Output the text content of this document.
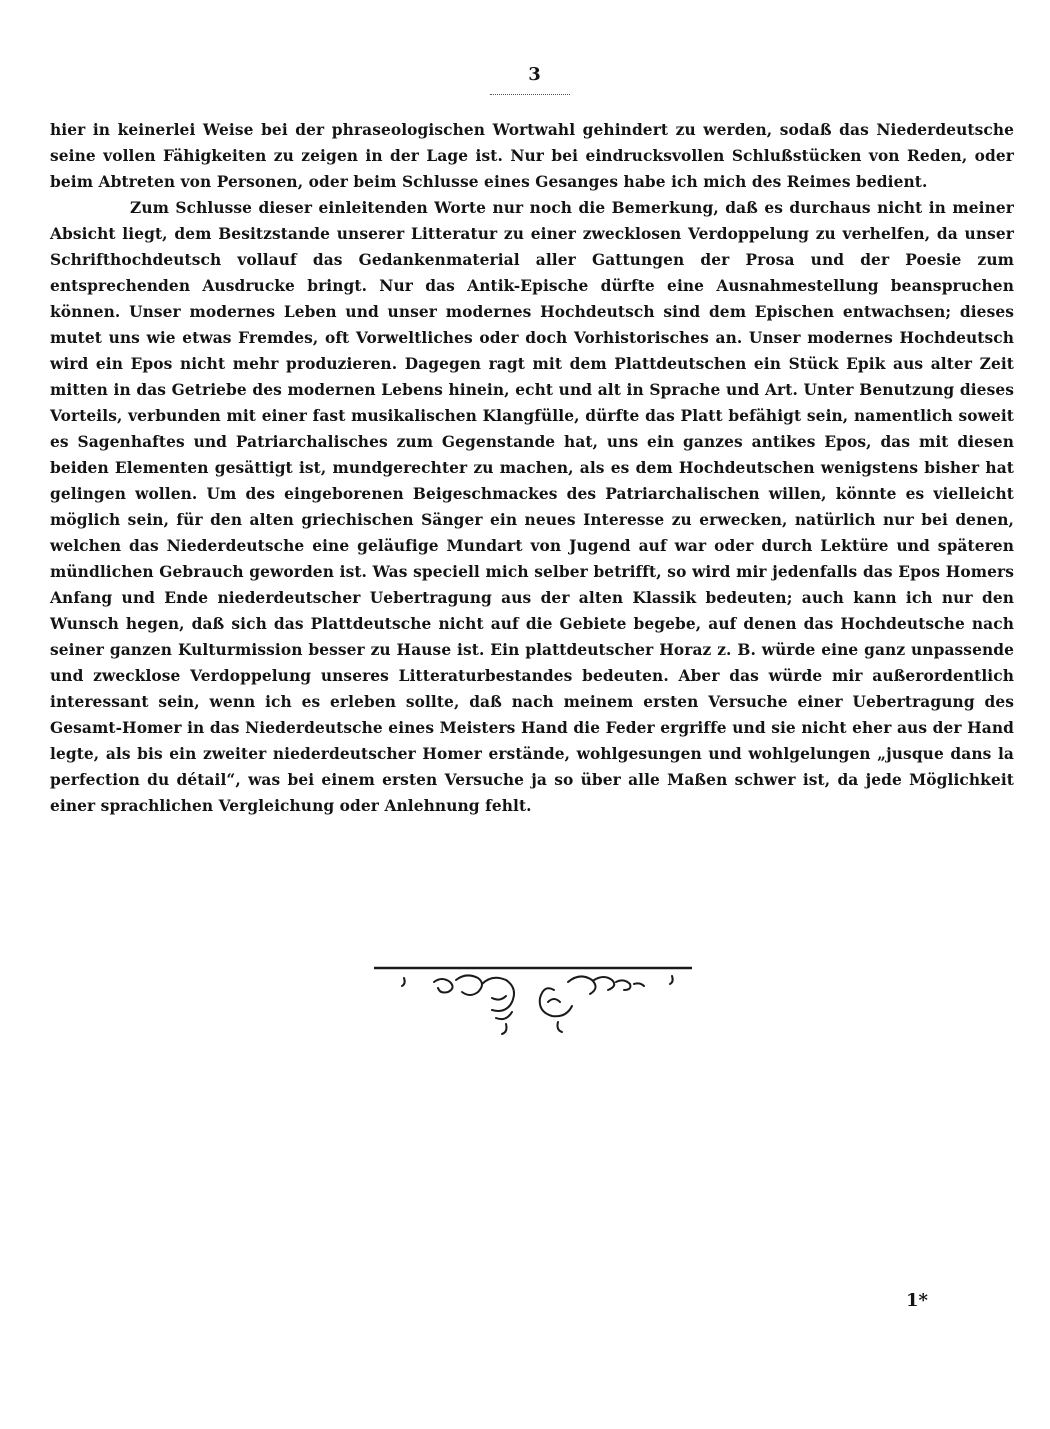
3

hier in keinerlei Weise bei der phraseologischen Wortwahl gehindert zu werden, sodaß das Niederdeutsche seine vollen Fähigkeiten zu zeigen in der Lage ist. Nur bei eindrucksvollen Schlußstücken von Reden, oder beim Abtreten von Personen, oder beim Schlusse eines Gesanges habe ich mich des Reimes bedient.

Zum Schlusse dieser einleitenden Worte nur noch die Bemerkung, daß es durchaus nicht in meiner Absicht liegt, dem Besitzstande unserer Litteratur zu einer zwecklosen Verdoppelung zu verhelfen, da unser Schrifthochdeutsch vollauf das Gedankenmaterial aller Gattungen der Prosa und der Poesie zum entsprechenden Ausdrucke bringt. Nur das Antik-Epische dürfte eine Ausnahmestellung beanspruchen können. Unser modernes Leben und unser modernes Hochdeutsch sind dem Epischen entwachsen; dieses mutet uns wie etwas Fremdes, oft Vorweltliches oder doch Vorhistorisches an. Unser modernes Hochdeutsch wird ein Epos nicht mehr produzieren. Dagegen ragt mit dem Plattdeutschen ein Stück Epik aus alter Zeit mitten in das Getriebe des modernen Lebens hinein, echt und alt in Sprache und Art. Unter Benutzung dieses Vorteils, verbunden mit einer fast musikalischen Klangfülle, dürfte das Platt befähigt sein, namentlich soweit es Sagenhaftes und Patriarchalisches zum Gegenstande hat, uns ein ganzes antikes Epos, das mit diesen beiden Elementen gesättigt ist, mundgerechter zu machen, als es dem Hochdeutschen wenigstens bisher hat gelingen wollen. Um des eingeborenen Beigeschmackes des Patriarchalischen willen, könnte es vielleicht möglich sein, für den alten griechischen Sänger ein neues Interesse zu erwecken, natürlich nur bei denen, welchen das Niederdeutsche eine geläufige Mundart von Jugend auf war oder durch Lektüre und späteren mündlichen Gebrauch geworden ist. Was speciell mich selber betrifft, so wird mir jedenfalls das Epos Homers Anfang und Ende niederdeutscher Uebertragung aus der alten Klassik bedeuten; auch kann ich nur den Wunsch hegen, daß sich das Plattdeutsche nicht auf die Gebiete begebe, auf denen das Hochdeutsche nach seiner ganzen Kulturmission besser zu Hause ist. Ein plattdeutscher Horaz z. B. würde eine ganz unpassende und zwecklose Verdoppelung unseres Litteraturbestandes bedeuten. Aber das würde mir außerordentlich interessant sein, wenn ich es erleben sollte, daß nach meinem ersten Versuche einer Uebertragung des Gesamt-Homer in das Niederdeutsche eines Meisters Hand die Feder ergriffe und sie nicht eher aus der Hand legte, als bis ein zweiter niederdeutscher Homer erstände, wohlgesungen und wohlgelungen „jusque dans la perfection du détail“, was bei einem ersten Versuche ja so über alle Maßen schwer ist, da jede Möglichkeit einer sprachlichen Vergleichung oder Anlehnung fehlt.

1*
